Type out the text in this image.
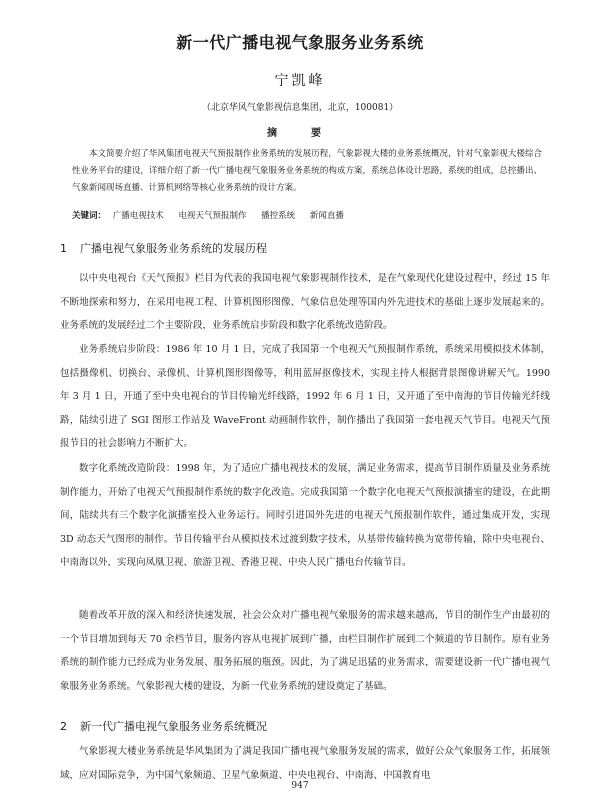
新一代广播电视气象服务业务系统
宁凯峰
（北京华风气象影视信息集团，北京，100081）
摘　要
本文简要介绍了华风集团电视天气预报制作业务系统的发展历程，气象影视大楼的业务系统概况，针对气象影视大楼综合性业务平台的建设，详细介绍了新一代广播电视气象服务业务系统的构成方案，系统总体设计思路，系统的组成，总控播出、气象新闻现场直播、计算机网络等核心业务系统的设计方案。
关键词： 广播电视技术 电视天气预报制作 播控系统 新闻直播
1 广播电视气象服务业务系统的发展历程
以中央电视台《天气预报》栏目为代表的我国电视气象影视制作技术，是在气象现代化建设过程中，经过 15 年不断地探索和努力，在采用电视工程、计算机图形图像、气象信息处理等国内外先进技术的基础上逐步发展起来的。业务系统的发展经过二个主要阶段，业务系统启步阶段和数字化系统改造阶段。
业务系统启步阶段：1986 年 10 月 1 日，完成了我国第一个电视天气预报制作系统，系统采用模拟技术体制，包括摄像机、切换台、录像机、计算机图形图像等，利用蓝屏抠像技术，实现主持人根据背景图像讲解天气。1990 年 3 月 1 日，开通了至中央电视台的节目传输光纤线路，1992 年 6 月 1 日，又开通了至中南海的节目传输光纤线路，陆续引进了 SGI 图形工作站及 WaveFront 动画制作软件，制作播出了我国第一套电视天气节目。电视天气预报节目的社会影响力不断扩大。
数字化系统改造阶段：1998 年，为了适应广播电视技术的发展，满足业务需求，提高节目制作质量及业务系统制作能力，开始了电视天气预报制作系统的数字化改造。完成我国第一个数字化电视天气预报演播室的建设，在此期间，陆续共有三个数字化演播室投入业务运行。同时引进国外先进的电视天气预报制作软件，通过集成开发，实现 3D 动态天气图形的制作。节目传输平台从模拟技术过渡到数字技术，从基带传输转换为宽带传输，除中央电视台、中南海以外，实现向凤凰卫视、旅游卫视、香港卫视、中央人民广播电台传输节目。
随着改革开放的深入和经济快速发展，社会公众对广播电视气象服务的需求越来越高，节目的制作生产由最初的一个节目增加到每天 70 余档节目，服务内容从电视扩展到广播，由栏目制作扩展到二个频道的节目制作。原有业务系统的制作能力已经成为业务发展、服务拓展的瓶颈。因此，为了满足迅猛的业务需求，需要建设新一代广播电视气象服务业务系统。气象影视大楼的建设，为新一代业务系统的建设奠定了基础。
2 新一代广播电视气象服务业务系统概况
气象影视大楼业务系统是华风集团为了满足我国广播电视气象服务发展的需求，做好公众气象服务工作，拓展领域，应对国际竞争，为中国气象频道、卫星气象频道、中央电视台、中南海、中国教育电
947
